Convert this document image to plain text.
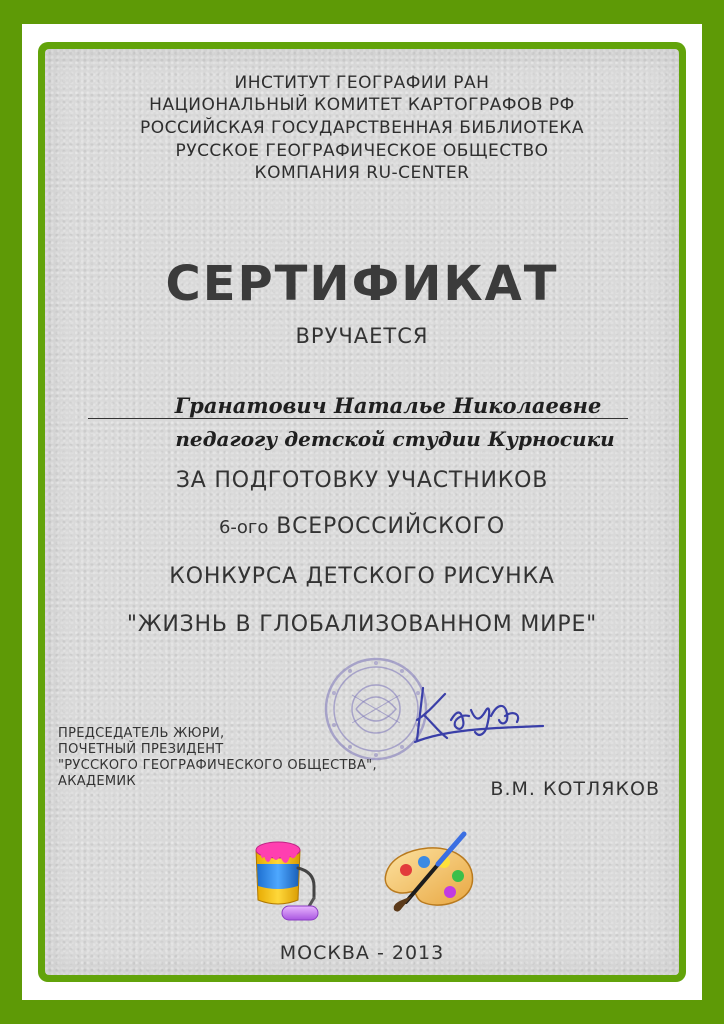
ИНСТИТУТ ГЕОГРАФИИ РАН
НАЦИОНАЛЬНЫЙ КОМИТЕТ КАРТОГРАФОВ РФ
РОССИЙСКАЯ ГОСУДАРСТВЕННАЯ БИБЛИОТЕКА
РУССКОЕ ГЕОГРАФИЧЕСКОЕ ОБЩЕСТВО
КОМПАНИЯ RU-CENTER
СЕРТИФИКАТ
ВРУЧАЕТСЯ
Гранатович Наталье Николаевне
педагогу детской студии Курносики
ЗА ПОДГОТОВКУ УЧАСТНИКОВ
6-ого ВСЕРОССИЙСКОГО
КОНКУРСА ДЕТСКОГО РИСУНКА
"ЖИЗНЬ В ГЛОБАЛИЗОВАННОМ МИРЕ"
ПРЕДСЕДАТЕЛЬ ЖЮРИ,
ПОЧЕТНЫЙ ПРЕЗИДЕНТ
"РУССКОГО ГЕОГРАФИЧЕСКОГО ОБЩЕСТВА",
АКАДЕМИК	В.М. КОТЛЯКОВ
МОСКВА - 2013
